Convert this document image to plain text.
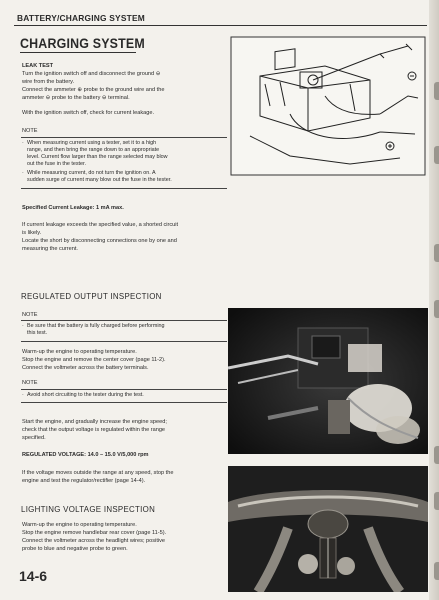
BATTERY/CHARGING SYSTEM
CHARGING SYSTEM
LEAK TEST
Turn the ignition switch off and disconnect the ground ⊖
wire from the battery.
Connect the ammeter ⊕ probe to the ground wire and the
ammeter ⊖ probe to the battery ⊖ terminal.
With the ignition switch off, check for current leakage.
NOTE
· When measuring current using a tester, set it to a high
range, and then bring the range down to an appropriate
level. Current flow larger than the range selected may blow
out the fuse in the tester.
· While measuring current, do not turn the ignition on. A
sudden surge of current many blow out the fuse in the tester.
Specified Current Leakage: 1 mA max.
If current leakage exceeds the specified value, a shorted circuit
is likely.
Locate the short by disconnecting connections one by one and
measuring the current.
REGULATED OUTPUT INSPECTION
NOTE
· Be sure that the battery is fully charged before performing
this test.
Warm-up the engine to operating temperature.
Stop the engine and remove the center cover (page 11-2).
Connect the voltmeter across the battery terminals.
NOTE
· Avoid short circuiting to the tester during the test.
Start the engine, and gradually increase the engine speed;
check that the output voltage is regulated within the range
specified.
REGULATED VOLTAGE: 14.0 – 15.0 V/5,000 rpm
If the voltage moves outside the range at any speed, stop the
engine and test the regulator/rectifier (page 14-4).
LIGHTING VOLTAGE INSPECTION
Warm-up the engine to operating temperature.
Stop the engine remove handlebar rear cover (page 11-5).
Connect the voltmeter across the headlight wires; positive
probe to blue and negative probe to green.
14-6
